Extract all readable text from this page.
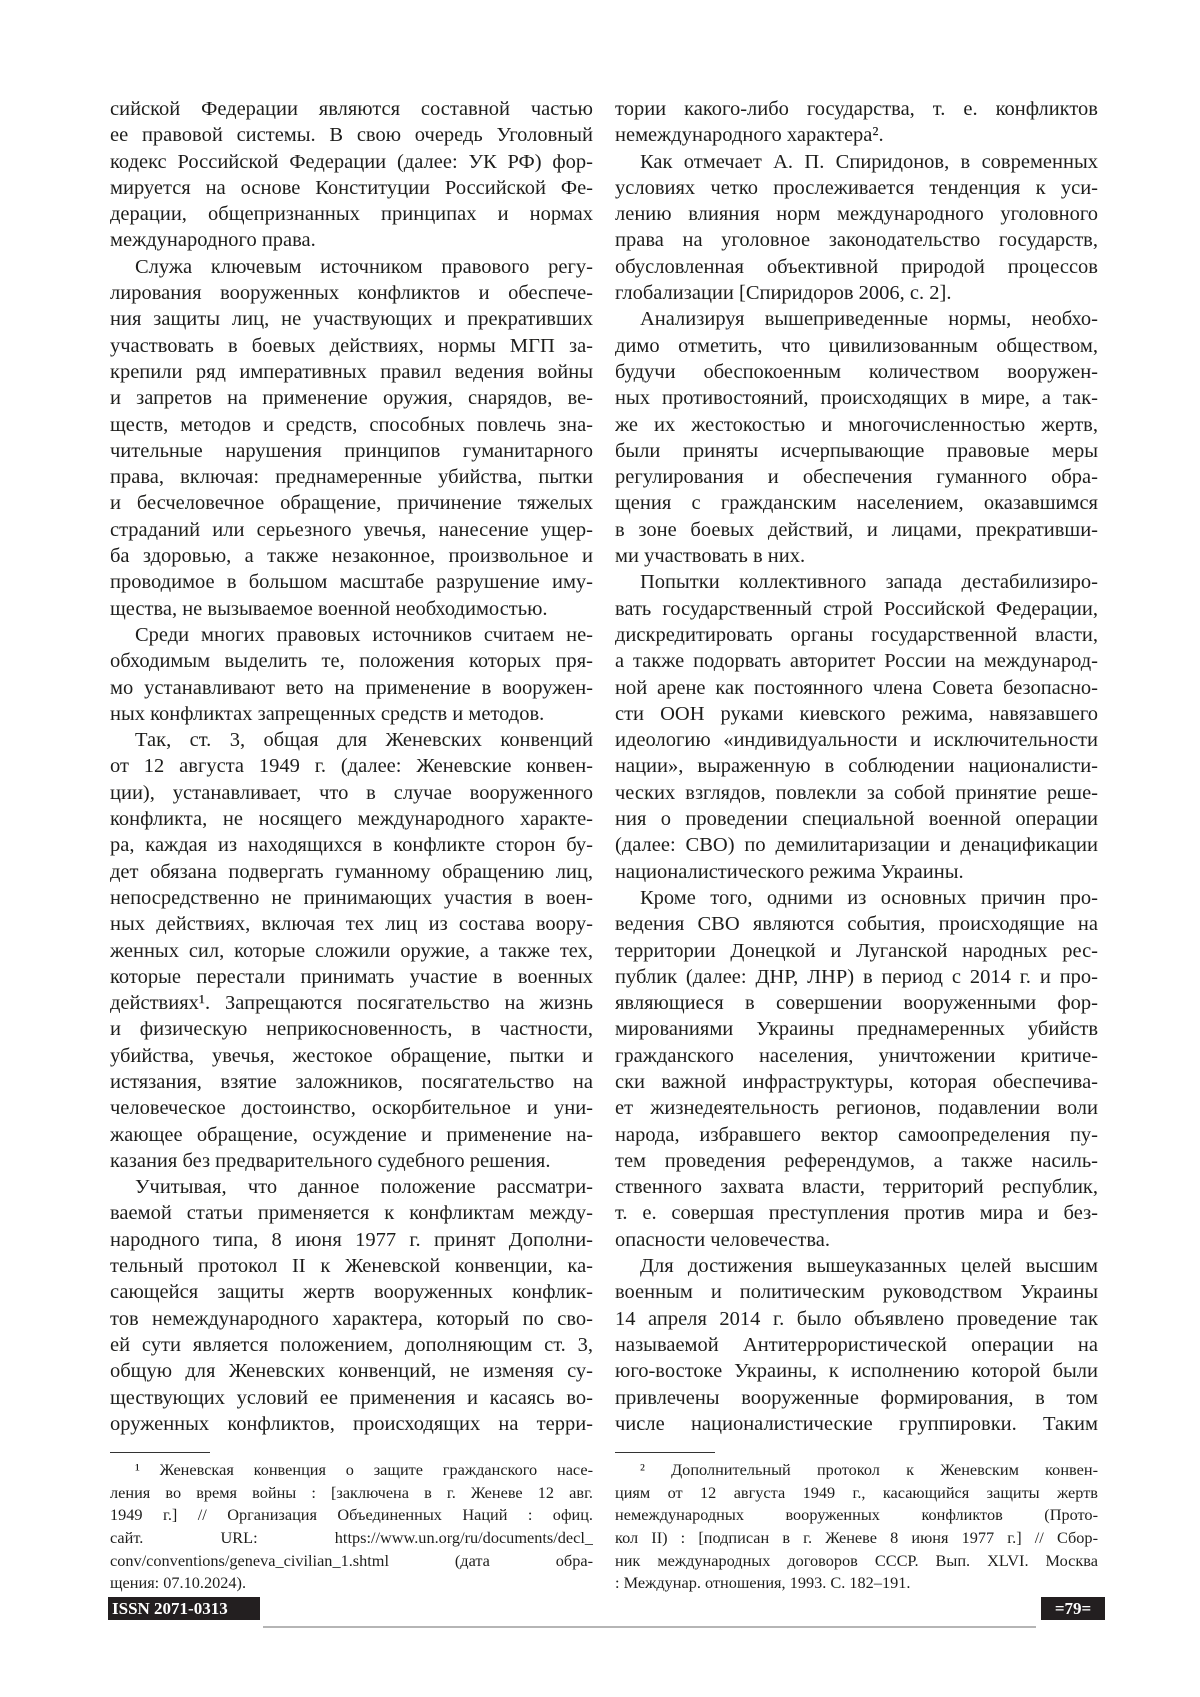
сийской Федерации являются составной частью
ее правовой системы. В свою очередь Уголовный
кодекс Российской Федерации (далее: УК РФ) фор-
мируется на основе Конституции Российской Фе-
дерации, общепризнанных принципах и нормах
международного права.
Служа ключевым источником правового регу-
лирования вооруженных конфликтов и обеспече-
ния защиты лиц, не участвующих и прекративших
участвовать в боевых действиях, нормы МГП за-
крепили ряд императивных правил ведения войны
и запретов на применение оружия, снарядов, ве-
ществ, методов и средств, способных повлечь зна-
чительные нарушения принципов гуманитарного
права, включая: преднамеренные убийства, пытки
и бесчеловечное обращение, причинение тяжелых
страданий или серьезного увечья, нанесение ущер-
ба здоровью, а также незаконное, произвольное и
проводимое в большом масштабе разрушение иму-
щества, не вызываемое военной необходимостью.
Среди многих правовых источников считаем не-
обходимым выделить те, положения которых пря-
мо устанавливают вето на применение в вооружен-
ных конфликтах запрещенных средств и методов.
Так, ст. 3, общая для Женевских конвенций
от 12 августа 1949 г. (далее: Женевские конвен-
ции), устанавливает, что в случае вооруженного
конфликта, не носящего международного характе-
ра, каждая из находящихся в конфликте сторон бу-
дет обязана подвергать гуманному обращению лиц,
непосредственно не принимающих участия в воен-
ных действиях, включая тех лиц из состава воору-
женных сил, которые сложили оружие, а также тех,
которые перестали принимать участие в военных
действиях¹. Запрещаются посягательство на жизнь
и физическую неприкосновенность, в частности,
убийства, увечья, жестокое обращение, пытки и
истязания, взятие заложников, посягательство на
человеческое достоинство, оскорбительное и уни-
жающее обращение, осуждение и применение на-
казания без предварительного судебного решения.
Учитывая, что данное положение рассматри-
ваемой статьи применяется к конфликтам между-
народного типа, 8 июня 1977 г. принят Дополни-
тельный протокол II к Женевской конвенции, ка-
сающейся защиты жертв вооруженных конфлик-
тов немеждународного характера, который по сво-
ей сути является положением, дополняющим ст. 3,
общую для Женевских конвенций, не изменяя су-
ществующих условий ее применения и касаясь во-
оруженных конфликтов, происходящих на терри-
тории какого-либо государства, т. е. конфликтов
немеждународного характера².
Как отмечает А. П. Спиридонов, в современных
условиях четко прослеживается тенденция к уси-
лению влияния норм международного уголовного
права на уголовное законодательство государств,
обусловленная объективной природой процессов
глобализации [Спиридоров 2006, с. 2].
Анализируя вышеприведенные нормы, необхо-
димо отметить, что цивилизованным обществом,
будучи обеспокоенным количеством вооружен-
ных противостояний, происходящих в мире, а так-
же их жестокостью и многочисленностью жертв,
были приняты исчерпывающие правовые меры
регулирования и обеспечения гуманного обра-
щения с гражданским населением, оказавшимся
в зоне боевых действий, и лицами, прекративши-
ми участвовать в них.
Попытки коллективного запада дестабилизиро-
вать государственный строй Российской Федерации,
дискредитировать органы государственной власти,
а также подорвать авторитет России на международ-
ной арене как постоянного члена Совета безопасно-
сти ООН руками киевского режима, навязавшего
идеологию «индивидуальности и исключительности
нации», выраженную в соблюдении националисти-
ческих взглядов, повлекли за собой принятие реше-
ния о проведении специальной военной операции
(далее: СВО) по демилитаризации и денацификации
националистического режима Украины.
Кроме того, одними из основных причин про-
ведения СВО являются события, происходящие на
территории Донецкой и Луганской народных рес-
публик (далее: ДНР, ЛНР) в период с 2014 г. и про-
являющиеся в совершении вооруженными фор-
мированиями Украины преднамеренных убийств
гражданского населения, уничтожении критиче-
ски важной инфраструктуры, которая обеспечива-
ет жизнедеятельность регионов, подавлении воли
народа, избравшего вектор самоопределения пу-
тем проведения референдумов, а также насиль-
ственного захвата власти, территорий республик,
т. е. совершая преступления против мира и без-
опасности человечества.
Для достижения вышеуказанных целей высшим
военным и политическим руководством Украины
14 апреля 2014 г. было объявлено проведение так
называемой Антитеррористической операции на
юго-востоке Украины, к исполнению которой были
привлечены вооруженные формирования, в том
числе националистические группировки. Таким
¹ Женевская конвенция о защите гражданского насе-
ления во время войны : [заключена в г. Женеве 12 авг.
1949 г.] // Организация Объединенных Наций : офиц.
сайт. URL: https://www.un.org/ru/documents/decl_
conv/conventions/geneva_civilian_1.shtml (дата обра-
щения: 07.10.2024).
² Дополнительный протокол к Женевским конвен-
циям от 12 августа 1949 г., касающийся защиты жертв
немеждународных вооруженных конфликтов (Прото-
кол II) : [подписан в г. Женеве 8 июня 1977 г.] // Сбор-
ник международных договоров СССР. Вып. XLVI. Москва
: Междунар. отношения, 1993. С. 182–191.
ISSN 2071-0313	=79=
